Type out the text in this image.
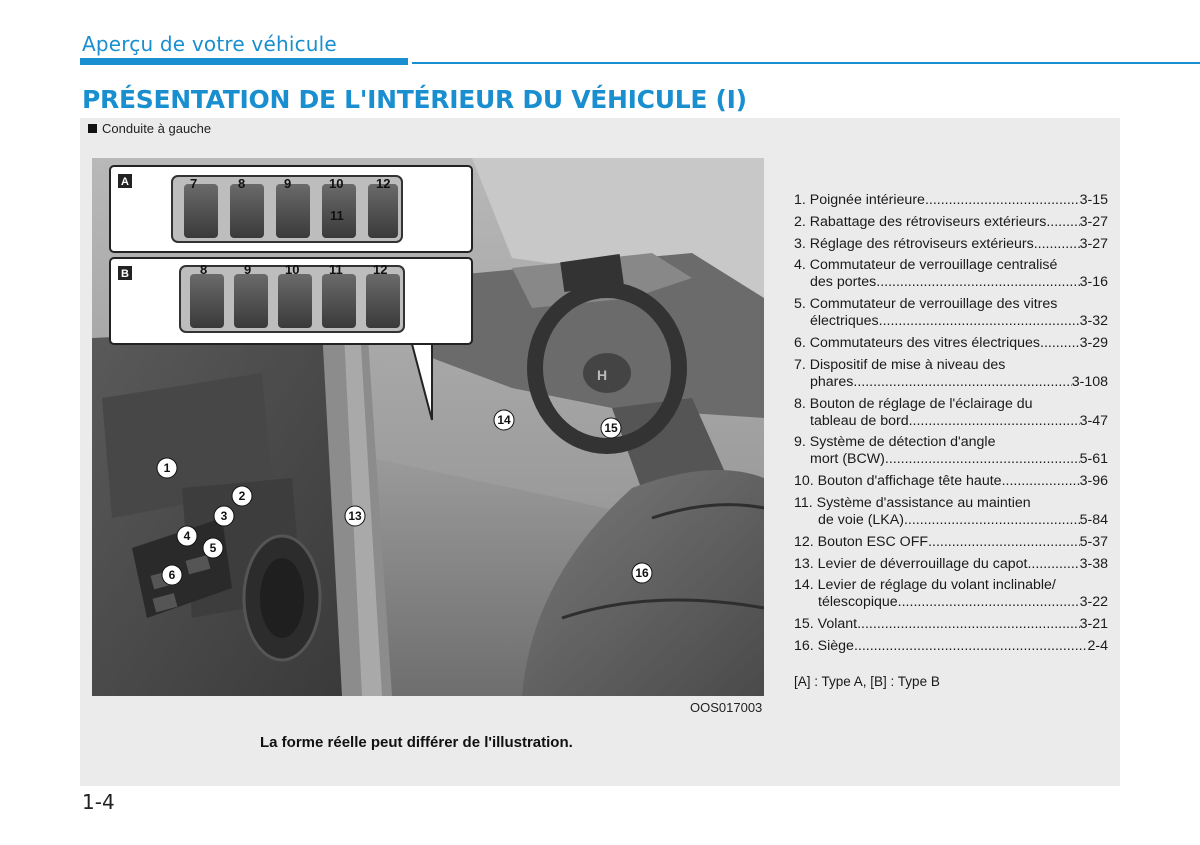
Aperçu de votre véhicule
PRÉSENTATION DE L'INTÉRIEUR DU VÉHICULE (I)
Conduite à gauche
H
A	7	8	9	10
11
12
B	8	9	10 11 12
1
2
3
4
5
6
13
14
15
16
OOS017003
La forme réelle peut différer de l'illustration.
1. Poignée intérieure .....	3-15
2. Rabattage des rétroviseurs extérieurs ..... 3-27
3. Réglage des rétroviseurs extérieurs .....	3-27
4. Commutateur de verrouillage centralisé
des portes .....	3-16
5. Commutateur de verrouillage des vitres
électriques .....	3-32
6. Commutateurs des vitres électriques .....	3-29
7. Dispositif de mise à niveau des
phares .....	3-108
8. Bouton de réglage de l'éclairage du
tableau de bord .....	3-47
9. Système de détection d'angle
mort (BCW) .....	5-61
10. Bouton d'affichage tête haute .....	3-96
11. Système d'assistance au maintien
de voie (LKA) .....	5-84
12. Bouton ESC OFF .....	5-37
13. Levier de déverrouillage du capot .....	3-38
14. Levier de réglage du volant inclinable/
télescopique .....	3-22
15. Volant .....	3-21
16. Siège .....	2-4
[A] : Type A, [B] : Type B
1-4
